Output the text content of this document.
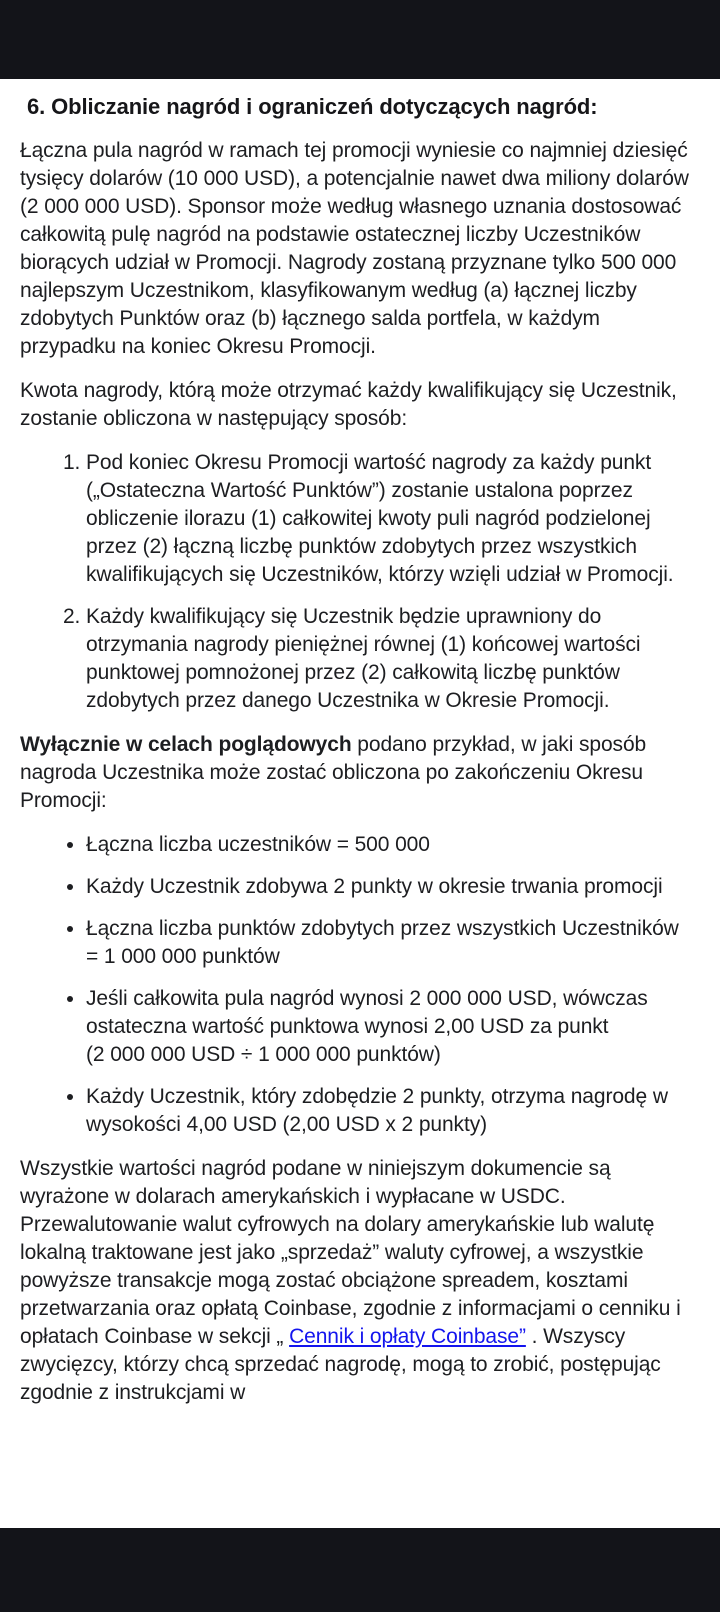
6. Obliczanie nagród i ograniczeń dotyczących nagród:

Łączna pula nagród w ramach tej promocji wyniesie co najmniej dziesięć tysięcy dolarów (10 000 USD), a potencjalnie nawet dwa miliony dolarów (2 000 000 USD). Sponsor może według własnego uznania dostosować całkowitą pulę nagród na podstawie ostatecznej liczby Uczestników biorących udział w Promocji. Nagrody zostaną przyznane tylko 500 000 najlepszym Uczestnikom, klasyfikowanym według (a) łącznej liczby zdobytych Punktów oraz (b) łącznego salda portfela, w każdym przypadku na koniec Okresu Promocji.

Kwota nagrody, którą może otrzymać każdy kwalifikujący się Uczestnik, zostanie obliczona w następujący sposób:

1. Pod koniec Okresu Promocji wartość nagrody za każdy punkt („Ostateczna Wartość Punktów”) zostanie ustalona poprzez obliczenie ilorazu (1) całkowitej kwoty puli nagród podzielonej przez (2) łączną liczbę punktów zdobytych przez wszystkich kwalifikujących się Uczestników, którzy wzięli udział w Promocji.
2. Każdy kwalifikujący się Uczestnik będzie uprawniony do otrzymania nagrody pieniężnej równej (1) końcowej wartości punktowej pomnożonej przez (2) całkowitą liczbę punktów zdobytych przez danego Uczestnika w Okresie Promocji.

Wyłącznie w celach poglądowych podano przykład, w jaki sposób nagroda Uczestnika może zostać obliczona po zakończeniu Okresu Promocji:

• Łączna liczba uczestników = 500 000
• Każdy Uczestnik zdobywa 2 punkty w okresie trwania promocji
• Łączna liczba punktów zdobytych przez wszystkich Uczestników = 1 000 000 punktów
• Jeśli całkowita pula nagród wynosi 2 000 000 USD, wówczas ostateczna wartość punktowa wynosi 2,00 USD za punkt (2 000 000 USD ÷ 1 000 000 punktów)
• Każdy Uczestnik, który zdobędzie 2 punkty, otrzyma nagrodę w wysokości 4,00 USD (2,00 USD x 2 punkty)

Wszystkie wartości nagród podane w niniejszym dokumencie są wyrażone w dolarach amerykańskich i wypłacane w USDC. Przewalutowanie walut cyfrowych na dolary amerykańskie lub walutę lokalną traktowane jest jako „sprzedaż” waluty cyfrowej, a wszystkie powyższe transakcje mogą zostać obciążone spreadem, kosztami przetwarzania oraz opłatą Coinbase, zgodnie z informacjami o cenniku i opłatach Coinbase w sekcji „ Cennik i opłaty Coinbase” . Wszyscy zwycięzcy, którzy chcą sprzedać nagrodę, mogą to zrobić, postępując zgodnie z instrukcjami w
